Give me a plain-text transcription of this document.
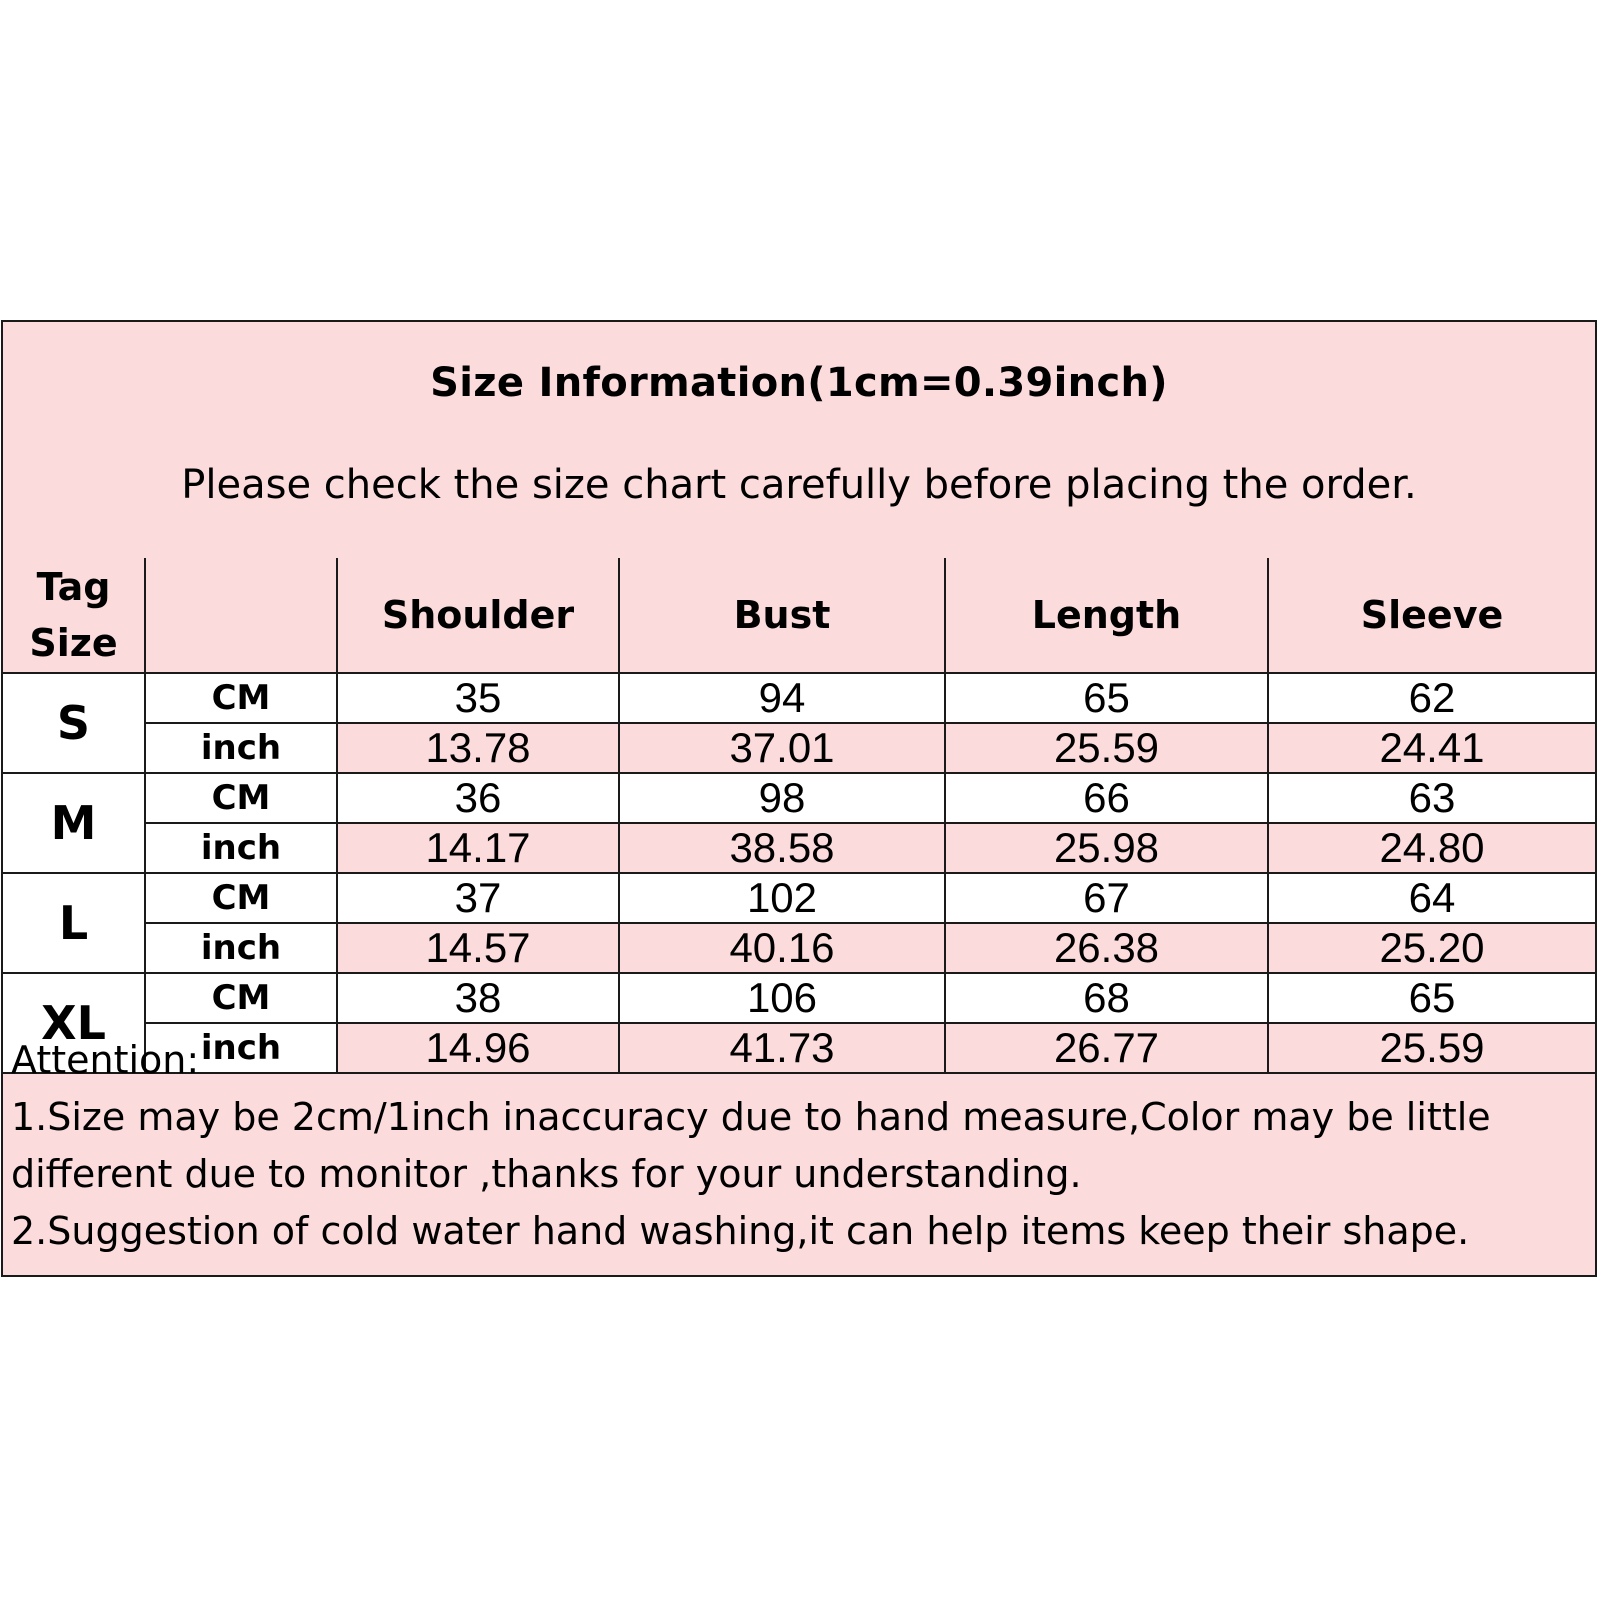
Size Information(1cm=0.39inch)
Please check the size chart carefully before placing the order.
Tag Size		Shoulder	Bust	Length	Sleeve
S	CM	35	94	65	62
	inch	13.78	37.01	25.59	24.41
M	CM	36	98	66	63
	inch	14.17	38.58	25.98	24.80
L	CM	37	102	67	64
	inch	14.57	40.16	26.38	25.20
XL	CM	38	106	68	65
	inch	14.96	41.73	26.77	25.59
Attention:
1.Size may be 2cm/1inch inaccuracy due to hand measure,Color may be little
different due to monitor ,thanks for your understanding.
2.Suggestion of cold water hand washing,it can help items keep their shape.
